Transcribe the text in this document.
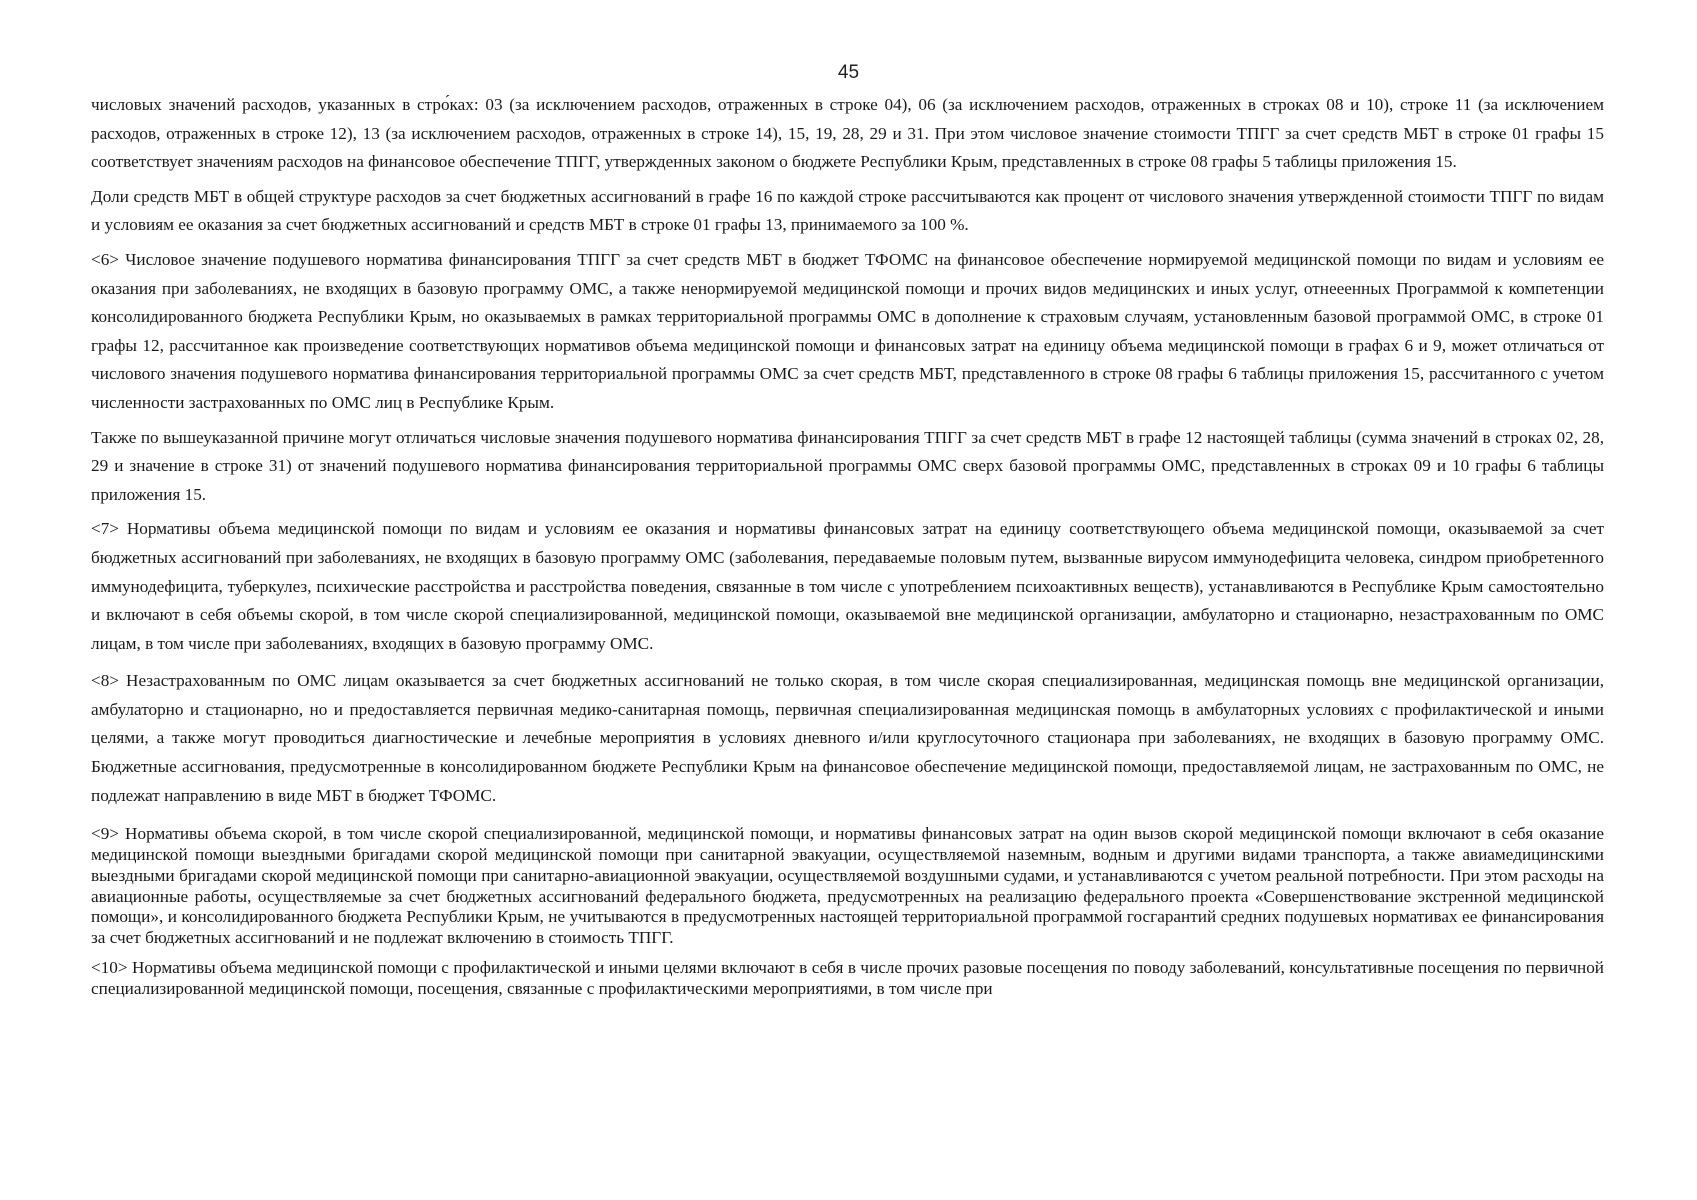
45

числовых значений расходов, указанных в стро́ках: 03 (за исключением расходов, отраженных в строке 04), 06 (за исключением расходов, отраженных в строках 08 и 10), строке 11 (за исключением расходов, отраженных в строке 12), 13 (за исключением расходов, отраженных в строке 14), 15, 19, 28, 29 и 31. При этом числовое значение стоимости ТПГГ за счет средств МБТ в строке 01 графы 15 соответствует значениям расходов на финансовое обеспечение ТПГГ, утвержденных законом о бюджете Республики Крым, представленных в строке 08 графы 5 таблицы приложения 15.

Доли средств МБТ в общей структуре расходов за счет бюджетных ассигнований в графе 16 по каждой строке рассчитываются как процент от числового значения утвержденной стоимости ТПГГ по видам и условиям ее оказания за счет бюджетных ассигнований и средств МБТ в строке 01 графы 13, принимаемого за 100 %.

<6> Числовое значение подушевого норматива финансирования ТПГГ за счет средств МБТ в бюджет ТФОМС на финансовое обеспечение нормируемой медицинской помощи по видам и условиям ее оказания при заболеваниях, не входящих в базовую программу ОМС, а также ненормируемой медицинской помощи и прочих видов медицинских и иных услуг, отнееенных Программой к компетенции консолидированного бюджета Республики Крым, но оказываемых в рамках территориальной программы ОМС в дополнение к страховым случаям, установленным базовой программой ОМС, в строке 01 графы 12, рассчитанное как произведение соответствующих нормативов объема медицинской помощи и финансовых затрат на единицу объема медицинской помощи в графах 6 и 9, может отличаться от числового значения подушевого норматива финансирования территориальной программы ОМС за счет средств МБТ, представленного в строке 08 графы 6 таблицы приложения 15, рассчитанного с учетом численности застрахованных по ОМС лиц в Республике Крым.

Также по вышеуказанной причине могут отличаться числовые значения подушевого норматива финансирования ТПГГ за счет средств МБТ в графе 12 настоящей таблицы (сумма значений в строках 02, 28, 29 и значение в строке 31) от значений подушевого норматива финансирования территориальной программы ОМС сверх базовой программы ОМС, представленных в строках 09 и 10 графы 6 таблицы приложения 15.

<7> Нормативы объема медицинской помощи по видам и условиям ее оказания и нормативы финансовых затрат на единицу соответствующего объема медицинской помощи, оказываемой за счет бюджетных ассигнований при заболеваниях, не входящих в базовую программу ОМС (заболевания, передаваемые половым путем, вызванные вирусом иммунодефицита человека, синдром приобретенного иммунодефицита, туберкулез, психические расстройства и расстройства поведения, связанные в том числе с употреблением психоактивных веществ), устанавливаются в Республике Крым самостоятельно и включают в себя объемы скорой, в том числе скорой специализированной, медицинской помощи, оказываемой вне медицинской организации, амбулаторно и стационарно, незастрахованным по ОМС лицам, в том числе при заболеваниях, входящих в базовую программу ОМС.

<8> Незастрахованным по ОМС лицам оказывается за счет бюджетных ассигнований не только скорая, в том числе скорая специализированная, медицинская помощь вне медицинской организации, амбулаторно и стационарно, но и предоставляется первичная медико-санитарная помощь, первичная специализированная медицинская помощь в амбулаторных условиях с профилактической и иными целями, а также могут проводиться диагностические и лечебные мероприятия в условиях дневного и/или круглосуточного стационара при заболеваниях, не входящих в базовую программу ОМС. Бюджетные ассигнования, предусмотренные в консолидированном бюджете Республики Крым на финансовое обеспечение медицинской помощи, предоставляемой лицам, не застрахованным по ОМС, не подлежат направлению в виде МБТ в бюджет ТФОМС.

<9> Нормативы объема скорой, в том числе скорой специализированной, медицинской помощи, и нормативы финансовых затрат на один вызов скорой медицинской помощи включают в себя оказание медицинской помощи выездными бригадами скорой медицинской помощи при санитарной эвакуации, осуществляемой наземным, водным и другими видами транспорта, а также авиамедицинскими выездными бригадами скорой медицинской помощи при санитарно-авиационной эвакуации, осуществляемой воздушными судами, и устанавливаются с учетом реальной потребности. При этом расходы на авиационные работы, осуществляемые за счет бюджетных ассигнований федерального бюджета, предусмотренных на реализацию федерального проекта «Совершенствование экстренной медицинской помощи», и консолидированного бюджета Республики Крым, не учитываются в предусмотренных настоящей территориальной программой госгарантий средних подушевых нормативах ее финансирования за счет бюджетных ассигнований и не подлежат включению в стоимость ТПГГ.

<10> Нормативы объема медицинской помощи с профилактической и иными целями включают в себя в числе прочих разовые посещения по поводу заболеваний, консультативные посещения по первичной специализированной медицинской помощи, посещения, связанные с профилактическими мероприятиями, в том числе при
